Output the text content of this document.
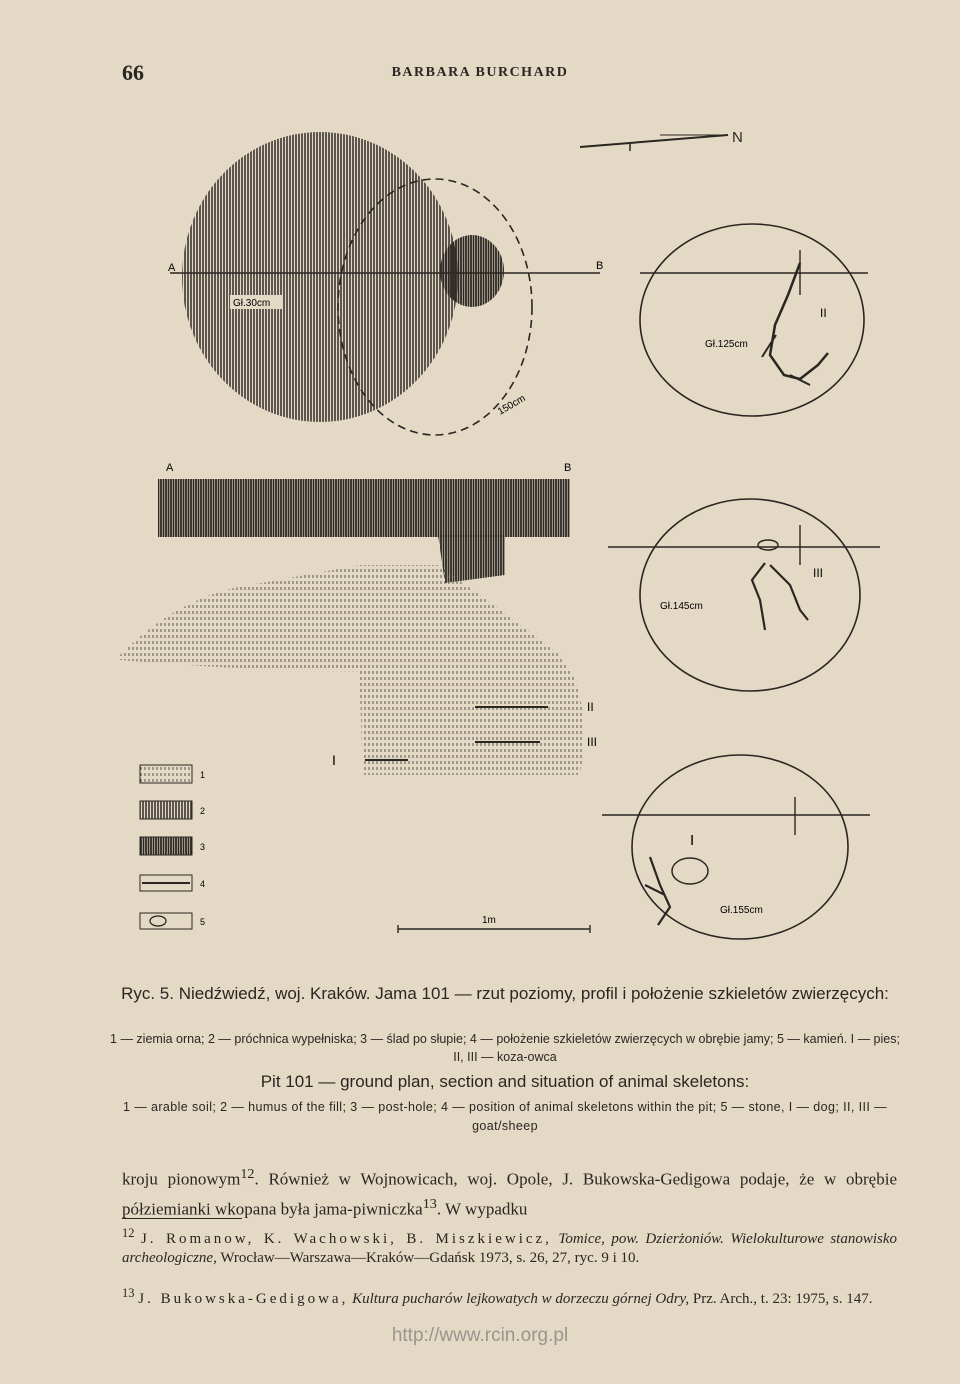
66	BARBARA BURCHARD
N
A	B
Gł.30cm
150cm
A	B
I
II
III
Gł.125cm
II
Gł.145cm
III
I
Gł.155cm
1
2
3
4
5	1m
Ryc. 5. Niedźwiedź, woj. Kraków. Jama 101 — rzut poziomy, profil i położenie szkieletów zwierzęcych:
1 — ziemia orna; 2 — próchnica wypełniska; 3 — ślad po słupie; 4 — położenie szkieletów zwierzęcych w obrębie jamy; 5 — kamień. I — pies; II, III — koza-owca
Pit 101 — ground plan, section and situation of animal skeletons:
1 — arable soil; 2 — humus of the fill; 3 — post-hole; 4 — position of animal skeletons within the pit; 5 — stone, I — dog; II, III — goat/sheep
kroju pionowym$^{12}$. Również w Wojnowicach, woj. Opole, J. Bukowska-Gedigowa podaje, że w obrębie półziemianki wkopana była jama-piwniczka$^{13}$. W wypadku
$^{12}$ J. Romanow, K. Wachowski, B. Miszkiewicz, Tomice, pow. Dzierżoniów. Wielokulturowe stanowisko archeologiczne, Wrocław—Warszawa—Kraków—Gdańsk 1973, s. 26, 27, ryc. 9 i 10.
$^{13}$ J. Bukowska-Gedigowa, Kultura pucharów lejkowatych w dorzeczu górnej Odry, Prz. Arch., t. 23: 1975, s. 147.
http://www.rcin.org.pl
